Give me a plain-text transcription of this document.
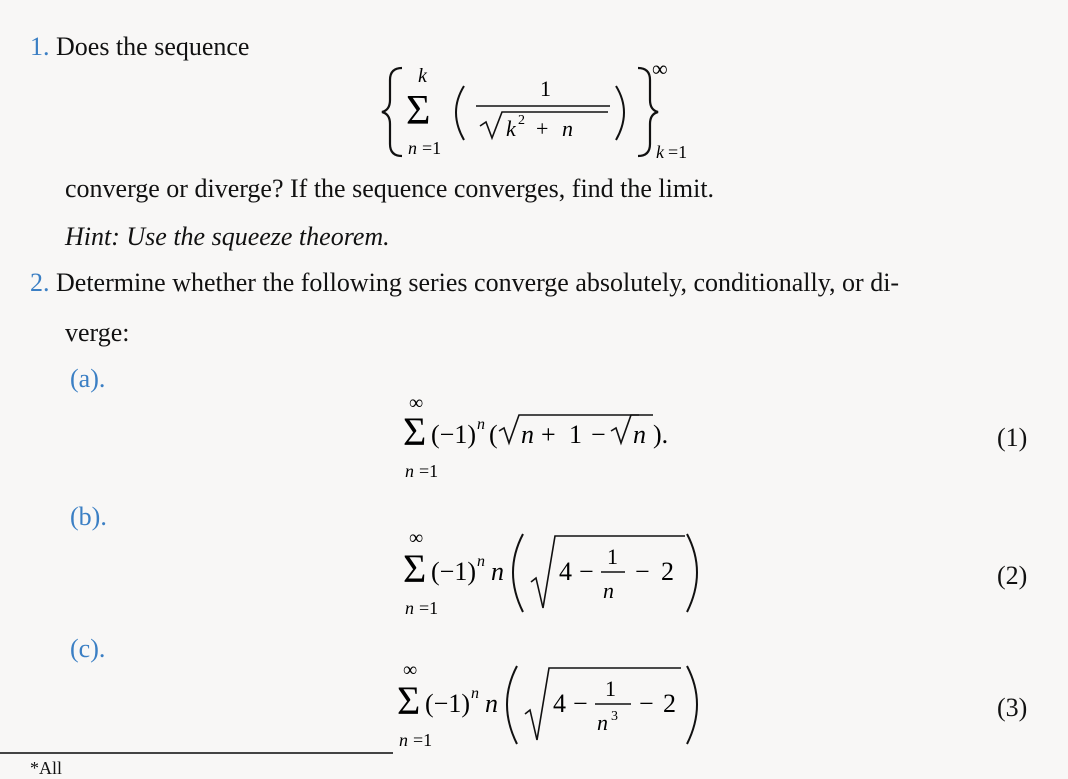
1. Does the sequence
k
Σ
n =1
1
k 2 + n
∞
k =1
converge or diverge? If the sequence converges, find the limit.
Hint: Use the squeeze theorem.
2. Determine whether the following series converge absolutely, conditionally, or di-
verge:
(a).
∞
Σ
n =1
(−1) n ( n + 1 − n ).	(1)
(b).
∞
Σ
n =1
(−1) n n 4 −
1
n
− 2	(2)
(c).
∞
Σ
n =1
(−1) n n 4 −
1
n 3 − 2	(3)
*All
